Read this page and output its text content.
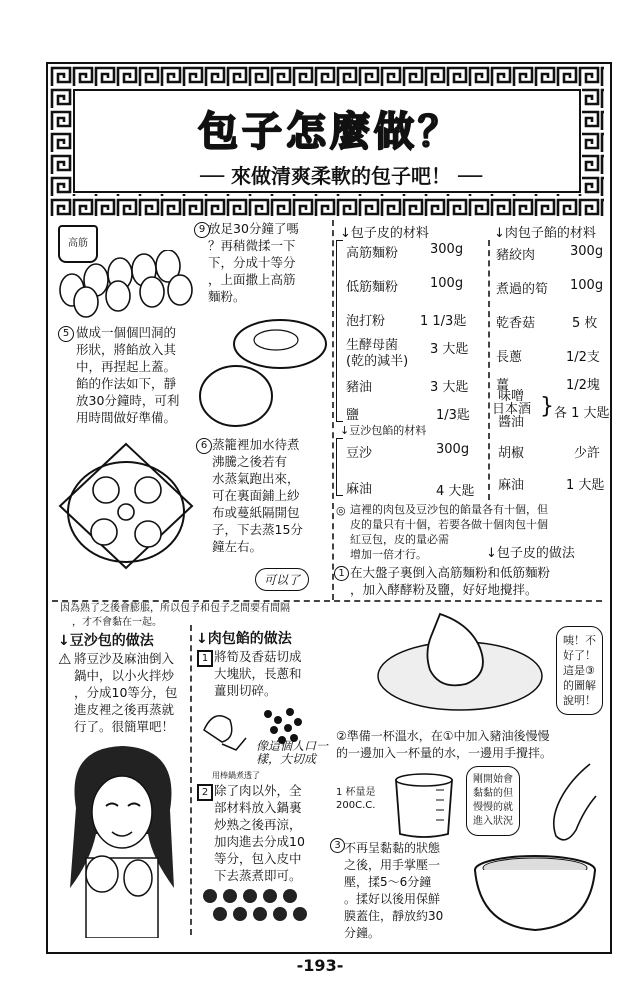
包子怎麼做？
── 來做清爽柔軟的包子吧！ ──
高筋
9 放足30分鐘了嗎
？再稍微揉一下
下，分成十等分
，上面撒上高筋
麵粉。
5 做成一個個凹洞的
形狀，將餡放入其
中，再捏起上蓋。
餡的作法如下，靜
放30分鐘時，可利
用時間做好準備。
6 蒸籠裡加水待煮
沸騰之後若有
水蒸氣跑出來，
可在裏面鋪上紗
布或蔓紙隔開包
子，下去蒸15分
鐘左右。
可以了
因為熟了之後會膨脹，所以包子和包子之間要有間隔
，才不會黏在一起。
↓豆沙包的做法
⚠ 將豆沙及麻油倒入
鍋中，以小火拌炒
，分成10等分，包
進皮裡之後再蒸就
行了。很簡單吧！
↓肉包餡的做法
1 將筍及香菇切成
大塊狀，長蔥和
薑則切碎。
像這個人口一樣，大切成
用棒鍋煮透了
2 除了肉以外，全
部材料放入鍋裏
炒熟之後再涼，
加肉進去分成10
等分，包入皮中
下去蒸煮即可。
↓包子皮的材料
高筋麵粉 300g
低筋麵粉 100g
泡打粉	1 1/3匙
生酵母菌 3 大匙
(乾的減半)
豬油	3 大匙
鹽	1/3匙
↓豆沙包餡的材料
豆沙	300g
麻油	4 大匙
↓肉包子餡的材料
豬絞肉	300g
煮過的筍 100g
乾香菇	5 枚
長蔥	1/2支
薑	1/2塊
味噌
日本酒
醬油
} 各 1 大匙
胡椒	少許
麻油	1 大匙
◎ 這裡的肉包及豆沙包的餡量各有十個，但
皮的量只有十個，若要各做十個肉包十個
紅豆包，皮的量必需
增加一倍才行。	↓包子皮的做法
1 在大盤子裏倒入高筋麵粉和低筋麵粉
，加入酵酵粉及鹽，好好地攪拌。
咦！不
好了！
這是③
的圖解
說明！
②準備一杯溫水，在①中加入豬油後慢慢
的一邊加入一杯量的水，一邊用手攪拌。
1 杯量是
200C.C.
剛開始會
黏黏的但
慢慢的就
進入狀況
3 不再呈黏黏的狀態
之後，用手掌壓一
壓，揉5～6分鐘
。揉好以後用保鮮
膜蓋住，靜放約30
分鐘。
-193-
